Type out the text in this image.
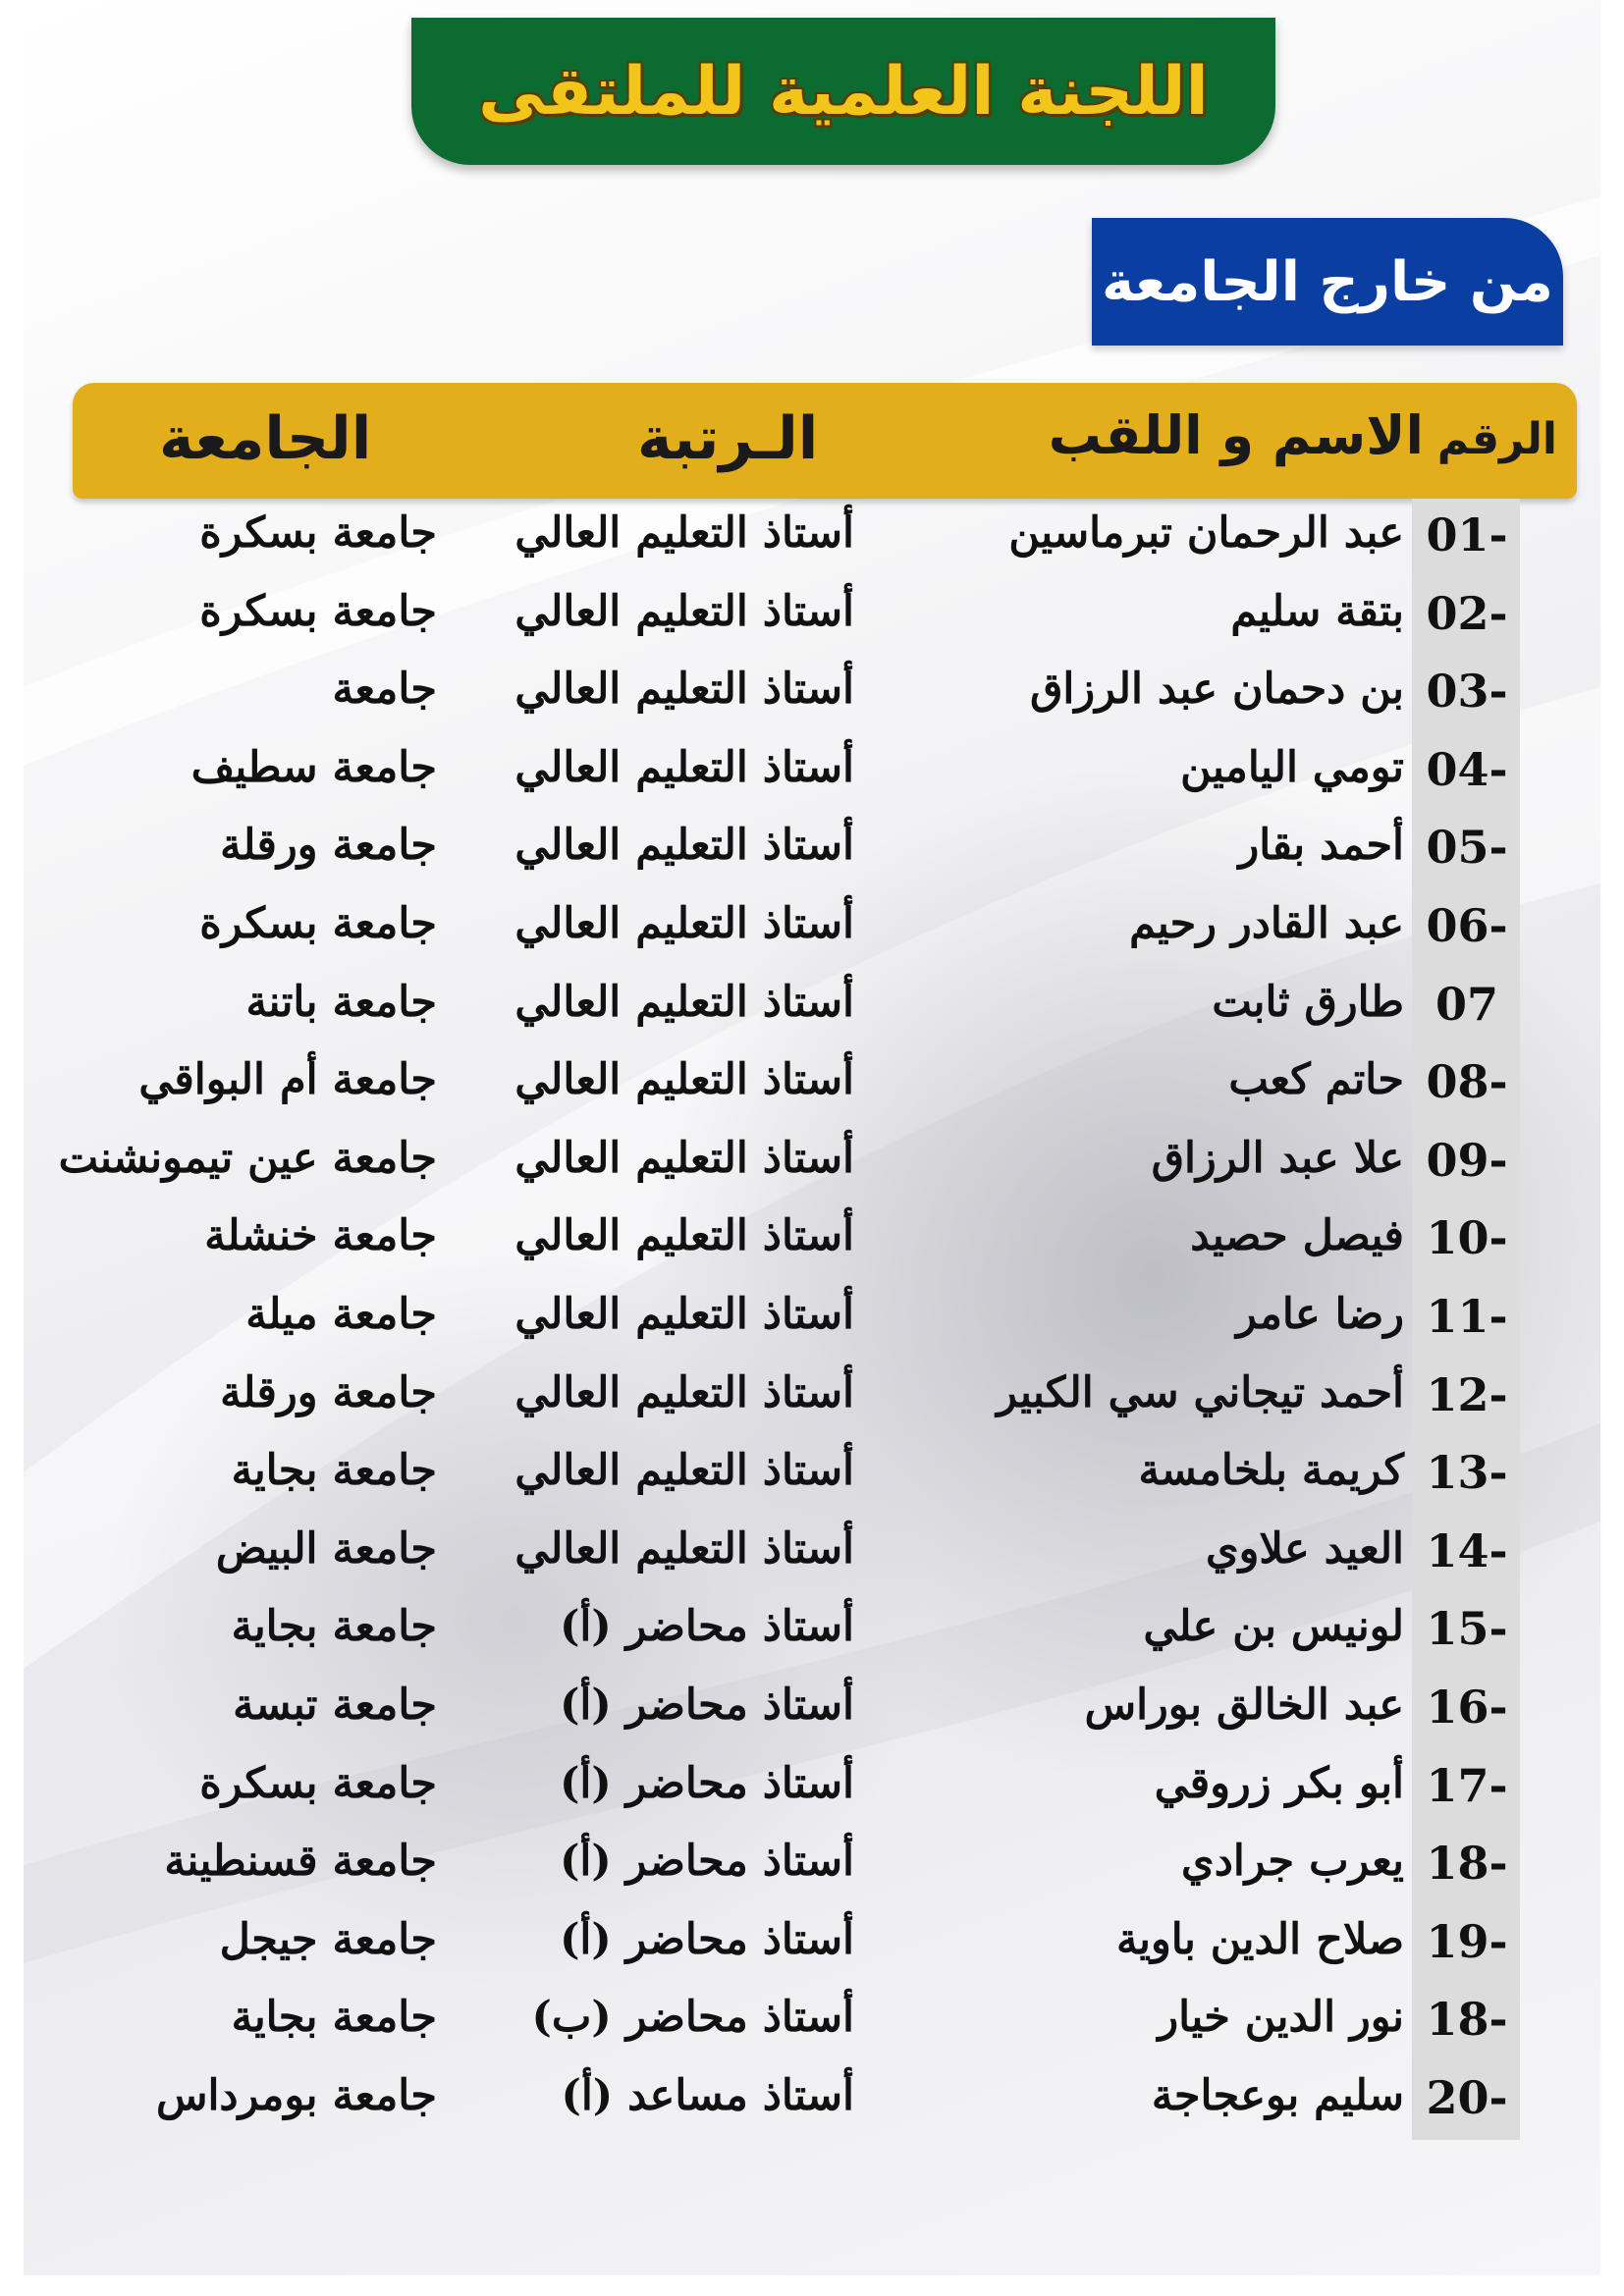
اللجنة العلمية للملتقى
من خارج الجامعة
الرقم
الاسم و اللقب
الـرتبة
الجامعة
01-
عبد الرحمان تبرماسين
أستاذ التعليم العالي
جامعة بسكرة
02-
بتقة سليم
أستاذ التعليم العالي
جامعة بسكرة
03-
بن دحمان عبد الرزاق
أستاذ التعليم العالي
جامعة
04-
تومي اليامين
أستاذ التعليم العالي
جامعة سطيف
05-
أحمد بقار
أستاذ التعليم العالي
جامعة ورقلة
06-
عبد القادر رحيم
أستاذ التعليم العالي
جامعة بسكرة
07
طارق ثابت
أستاذ التعليم العالي
جامعة باتنة
08-
حاتم كعب
أستاذ التعليم العالي
جامعة أم البواقي
09-
علا عبد الرزاق
أستاذ التعليم العالي
جامعة عين تيمونشنت
10-
فيصل حصيد
أستاذ التعليم العالي
جامعة خنشلة
11-
رضا عامر
أستاذ التعليم العالي
جامعة ميلة
12-
أحمد تيجاني سي الكبير
أستاذ التعليم العالي
جامعة ورقلة
13-
كريمة بلخامسة
أستاذ التعليم العالي
جامعة بجاية
14-
العيد علاوي
أستاذ التعليم العالي
جامعة البيض
15-
لونيس بن علي
أستاذ محاضر (أ)
جامعة بجاية
16-
عبد الخالق بوراس
أستاذ محاضر (أ)
جامعة تبسة
17-
أبو بكر زروقي
أستاذ محاضر (أ)
جامعة بسكرة
18-
يعرب جرادي
أستاذ محاضر (أ)
جامعة قسنطينة
19-
صلاح الدين باوية
أستاذ محاضر (أ)
جامعة جيجل
18-
نور الدين خيار
أستاذ محاضر (ب)
جامعة بجاية
20-
سليم بوعجاجة
أستاذ مساعد (أ)
جامعة بومرداس
